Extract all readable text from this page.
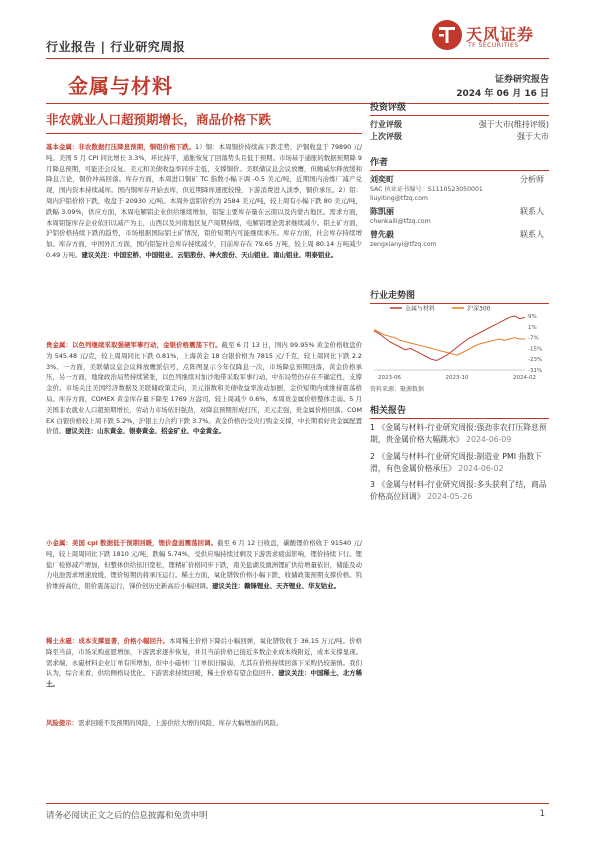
行业报告 | 行业研究周报
天风证券
TF SECURITIES
金属与材料	证券研究报告
2024 年 06 月 16 日
非农就业人口超预期增长，商品价格下跌
基本金属：非农数据打压降息预期，铜铝价格下跌。1）铜：本周铜价持续高下跌走势，沪铜收盘于 79890 元/吨。美国 5 月 CPI 同比增长 3.3%，环比持平，通胀恢复了回落势头且低于预期。市场基于通胀的数据预期降 9 月降息预期，可能还会反复。美元和美债收益率同步走低，支撑铜价。美联储议息会议放鹰，但鲍威尔释放缓和降息言论，铜价冲高回落。库存方面，本周进口铜矿 TC 指数小幅下调 -0.5 美元/吨，近期国内冶炼厂减产兑现，国内资本持续减库。国内铜库存开始去库，但近期降库速度较慢，下游消费进入淡季，铜价承压。2）铝：周内沪铝价格下跌，收盘于 20930 元/吨。本周外盘铝价约为 2584 美元/吨，较上周有小幅下跌 80 美元/吨，跌幅 3.09%，供应方面，本周电解铝企业供给继续增加，铝锭主要库存量在云南以及内蒙古地区。需求方面，本周铝锭库存企业依旧以减产为主，山西以及河南地区复产周期持续，电解铝理论需求继续减少。铝土矿方面，沪铝价格持续下跌的趋势，市场根据国际铝土矿情况，铝价短期内可能继续承压。库存方面，社会库存持续增加。库存方面，中国外汇方面，国内铝锭社会库存持续减少，目前库存在 79.65 万吨，较上周 80.14 万吨减少 0.49 万吨。建议关注：中国宏桥、中国铝业、云铝股份、神火股份、天山铝业、南山铝业、明泰铝业。
贵金属：以色列继续采取强硬军事行动，金银价格震荡下行。截至 6 月 13 日，国内 99.95% 黄金价格收盘价为 545.48 元/克，较上周周同比下跌 0.81%，上海黄金 18 白银价格为 7815 元/千克，较上周同比下跌 2.23%。一方面，美联储议息会议释放鹰派信号，点阵图显示今年仅降息一次，市场降息预期回落，黄金价格承压，另一方面，地缘政治局势持续紧张，以色列继续对加沙地带采取军事行动，中东局势仍存在不确定性，支撑金价。市场关注美国经济数据及美联储政策走向，美元指数和美债收益率波动加剧，金价短期内或维持震荡格局。库存方面，COMEX 黄金库存量下降至 1769 万盎司，较上周减少 0.6%，本周贵金属价格整体走弱。5 月美国非农就业人口超预期增长，劳动力市场依旧强劲，对降息预期形成打压，美元走强，贵金属价格回落。COMEX 白银价格较上周下跌 5.2%，沪银主力合约下跌 3.7%。黄金价格仍受央行购金支撑，中长期看好贵金属配置价值。建议关注：山东黄金、银泰黄金、招金矿业、中金黄金。
小金属：美国 cpi 数据低于预期回暖，锂价盘面震荡回调。截至 6 月 12 日收盘，碳酸锂价格收于 91540 元/吨，较上周周同比下跌 1810 元/吨，跌幅 5.74%，受供应端持续过剩及下游需求疲弱影响，锂价持续下行。锂盐厂检修减产增加，但整体供给依旧宽松，锂精矿价格同步下跌，南美盐湖及澳洲锂矿供给增量依旧，储能及动力电池需求增速放缓，锂价短期仍将承压运行。稀土方面，氧化镨钕价格小幅下跌，收储政策预期支撑价格。钨价维持高位，钼价震荡运行，锑价创历史新高后小幅回调。建议关注：赣锋锂业、天齐锂业、华友钴业。
稀土永磁：成本支撑显著，价格小幅回升。本周稀土价格下降后小幅回弹，氧化镨钕收于 36.15 万元/吨。价格降至当前，市场采购意愿增加，下游需求逐步恢复，并且当前价格已接近多数企业成本线附近，成本支撑显现。需求端，永磁材料企业订单有所增加，但中小磁材厂订单依旧偏弱，尤其在价格持续回落下采购仍较谨慎。我们认为，综合来看，供给侧格局优化、下游需求持续回暖，稀土价格有望企稳回升。建议关注：中国稀土、北方稀土。
风险提示：需求回暖不及预期的风险，上游供给大增的风险，库存大幅增加的风险。
投资评级
行业评级	强于大市(维持评级)
上次评级	强于大市
作者
刘奕町	分析师
SAC 执业证书编号：S1110523050001
liuyiting@tfzq.com
陈凯丽	联系人
chenkaili@tfzq.com
曾先毅	联系人
zengxianyi@tfzq.com
行业走势图
金属与材料	沪深300
9%
1%
-7%
-15%
-23%
-31%
2023-06	2023-10	2024-02
资料来源：聚源数据
相关报告
1 《金属与材料-行业研究周报:强劲非农打压降息预期，贵金属价格大幅跳水》 2024-06-09
2 《金属与材料-行业研究周报:制造业 PMI 指数下滑，有色金属价格承压》 2024-06-02
3 《金属与材料-行业研究周报:多头获利了结，商品价格高位回调》 2024-05-26
请务必阅读正文之后的信息披露和免责申明	1
